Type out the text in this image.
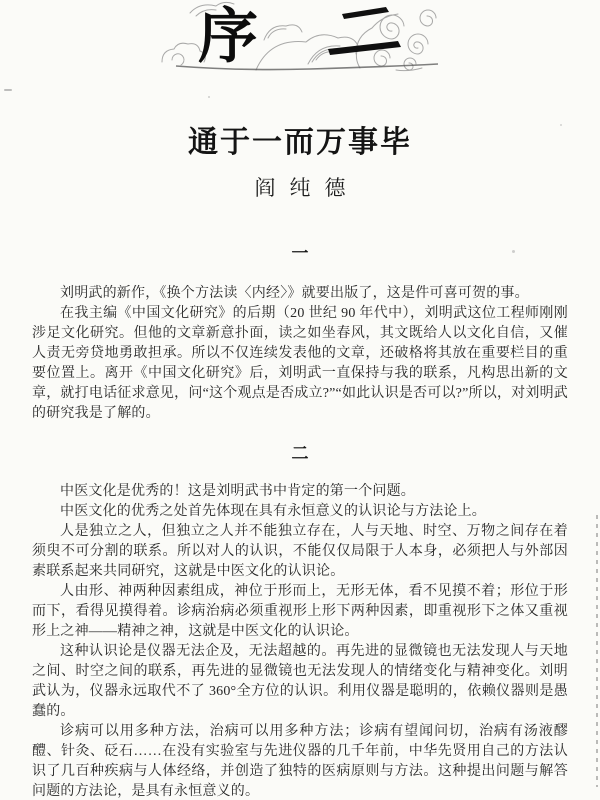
序
通于一而万事毕
阎纯德
一

刘明武的新作，《换个方法读〈内经〉》就要出版了，这是件可喜可贺的事。

在我主编《中国文化研究》的后期（20 世纪 90 年代中），刘明武这位工程师刚刚涉足文化研究。但他的文章新意扑面，读之如坐春风，其文既给人以文化自信，又催人责无旁贷地勇敢担承。所以不仅连续发表他的文章，还破格将其放在重要栏目的重要位置上。离开《中国文化研究》后，刘明武一直保持与我的联系，凡构思出新的文章，就打电话征求意见，问“这个观点是否成立?”“如此认识是否可以?”所以，对刘明武的研究我是了解的。

二

中医文化是优秀的！这是刘明武书中肯定的第一个问题。

中医文化的优秀之处首先体现在具有永恒意义的认识论与方法论上。

人是独立之人，但独立之人并不能独立存在，人与天地、时空、万物之间存在着须臾不可分割的联系。所以对人的认识，不能仅仅局限于人本身，必须把人与外部因素联系起来共同研究，这就是中医文化的认识论。

人由形、神两种因素组成，神位于形而上，无形无体，看不见摸不着；形位于形而下，看得见摸得着。诊病治病必须重视形上形下两种因素，即重视形下之体又重视形上之神——精神之神，这就是中医文化的认识论。

这种认识论是仪器无法企及，无法超越的。再先进的显微镜也无法发现人与天地之间、时空之间的联系，再先进的显微镜也无法发现人的情绪变化与精神变化。刘明武认为，仪器永远取代不了 360°全方位的认识。利用仪器是聪明的，依赖仪器则是愚蠢的。

诊病可以用多种方法，治病可以用多种方法；诊病有望闻问切，治病有汤液醪醴、针灸、砭石……在没有实验室与先进仪器的几千年前，中华先贤用自己的方法认识了几百种疾病与人体经络，并创造了独特的医病原则与方法。这种提出问题与解答问题的方法论，是具有永恒意义的。
